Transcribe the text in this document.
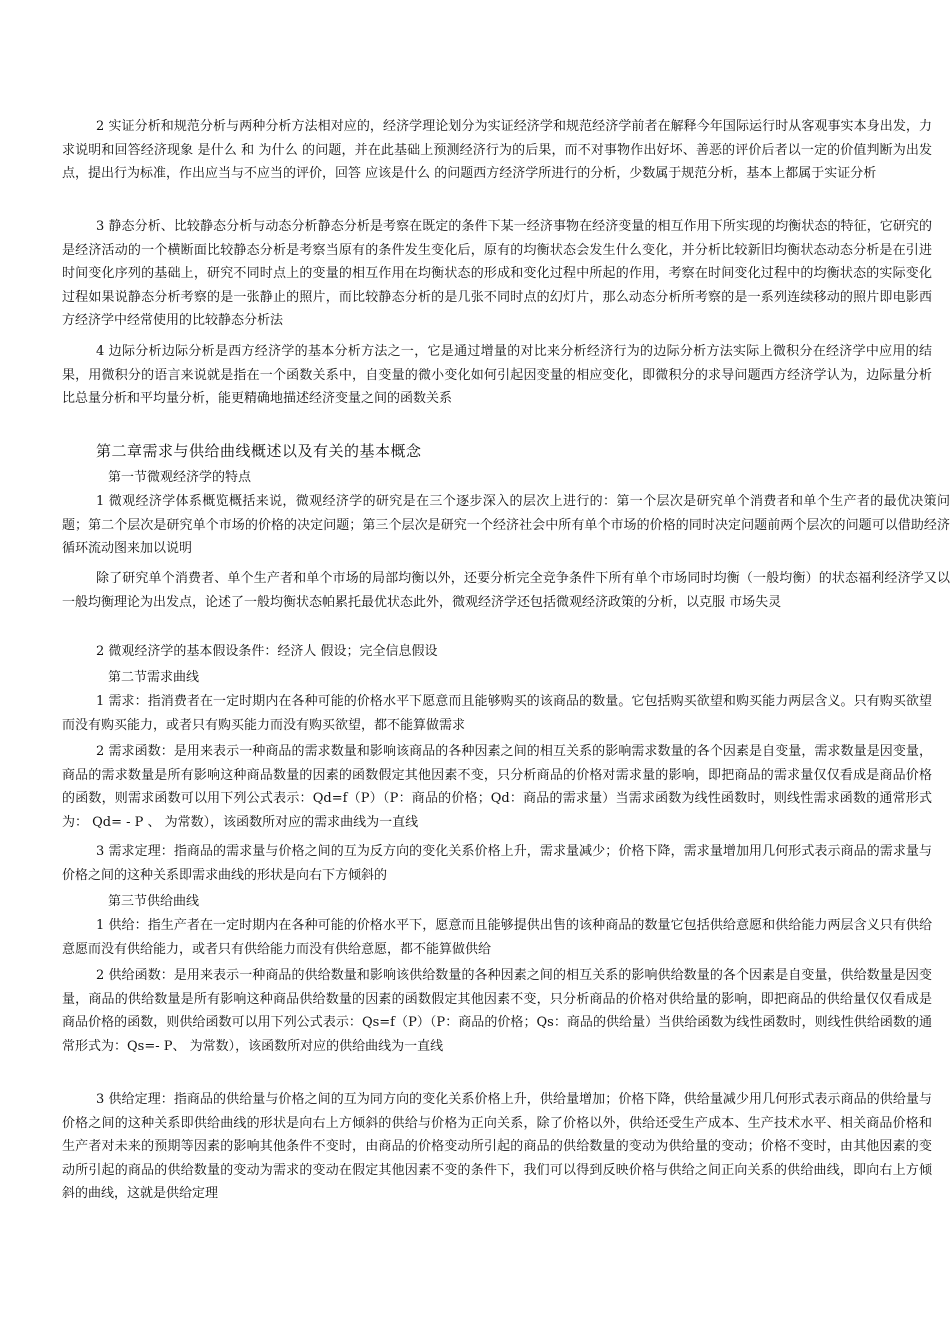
2 实证分析和规范分析与两种分析方法相对应的，经济学理论划分为实证经济学和规范经济学前者在解释今年国际运行时从客观事实本身出发，力求说明和回答经济现象 是什么 和 为什么 的问题，并在此基础上预测经济行为的后果，而不对事物作出好坏、善恶的评价后者以一定的价值判断为出发点，提出行为标准，作出应当与不应当的评价，回答 应该是什么 的问题西方经济学所进行的分析，少数属于规范分析，基本上都属于实证分析

3 静态分析、比较静态分析与动态分析静态分析是考察在既定的条件下某一经济事物在经济变量的相互作用下所实现的均衡状态的特征，它研究的是经济活动的一个横断面比较静态分析是考察当原有的条件发生变化后，原有的均衡状态会发生什么变化，并分析比较新旧均衡状态动态分析是在引进时间变化序列的基础上，研究不同时点上的变量的相互作用在均衡状态的形成和变化过程中所起的作用，考察在时间变化过程中的均衡状态的实际变化过程如果说静态分析考察的是一张静止的照片，而比较静态分析的是几张不同时点的幻灯片，那么动态分析所考察的是一系列连续移动的照片即电影西方经济学中经常使用的比较静态分析法

4 边际分析边际分析是西方经济学的基本分析方法之一，它是通过增量的对比来分析经济行为的边际分析方法实际上微积分在经济学中应用的结果，用微积分的语言来说就是指在一个函数关系中，自变量的微小变化如何引起因变量的相应变化，即微积分的求导问题西方经济学认为，边际量分析比总量分析和平均量分析，能更精确地描述经济变量之间的函数关系

第二章需求与供给曲线概述以及有关的基本概念

第一节微观经济学的特点

1 微观经济学体系概览概括来说，微观经济学的研究是在三个逐步深入的层次上进行的：第一个层次是研究单个消费者和单个生产者的最优决策问题；第二个层次是研究单个市场的价格的决定问题；第三个层次是研究一个经济社会中所有单个市场的价格的同时决定问题前两个层次的问题可以借助经济循环流动图来加以说明

除了研究单个消费者、单个生产者和单个市场的局部均衡以外，还要分析完全竞争条件下所有单个市场同时均衡（一般均衡）的状态福利经济学又以一般均衡理论为出发点，论述了一般均衡状态帕累托最优状态此外，微观经济学还包括微观经济政策的分析，以克服 市场失灵

2 微观经济学的基本假设条件：经济人 假设；完全信息假设

第二节需求曲线

1 需求：指消费者在一定时期内在各种可能的价格水平下愿意而且能够购买的该商品的数量。它包括购买欲望和购买能力两层含义。只有购买欲望而没有购买能力，或者只有购买能力而没有购买欲望，都不能算做需求

2 需求函数：是用来表示一种商品的需求数量和影响该商品的各种因素之间的相互关系的影响需求数量的各个因素是自变量，需求数量是因变量，商品的需求数量是所有影响这种商品数量的因素的函数假定其他因素不变，只分析商品的价格对需求量的影响，即把商品的需求量仅仅看成是商品价格的函数，则需求函数可以用下列公式表示：Qd=f（P）（P：商品的价格；Qd：商品的需求量）当需求函数为线性函数时，则线性需求函数的通常形式为： Qd= - P 、 为常数），该函数所对应的需求曲线为一直线

3 需求定理：指商品的需求量与价格之间的互为反方向的变化关系价格上升，需求量减少；价格下降，需求量增加用几何形式表示商品的需求量与价格之间的这种关系即需求曲线的形状是向右下方倾斜的

第三节供给曲线

1 供给：指生产者在一定时期内在各种可能的价格水平下，愿意而且能够提供出售的该种商品的数量它包括供给意愿和供给能力两层含义只有供给意愿而没有供给能力，或者只有供给能力而没有供给意愿，都不能算做供给

2 供给函数：是用来表示一种商品的供给数量和影响该供给数量的各种因素之间的相互关系的影响供给数量的各个因素是自变量，供给数量是因变量，商品的供给数量是所有影响这种商品供给数量的因素的函数假定其他因素不变，只分析商品的价格对供给量的影响，即把商品的供给量仅仅看成是商品价格的函数，则供给函数可以用下列公式表示：Qs=f（P）（P：商品的价格；Qs：商品的供给量）当供给函数为线性函数时，则线性供给函数的通常形式为：Qs=- P、 为常数），该函数所对应的供给曲线为一直线

3 供给定理：指商品的供给量与价格之间的互为同方向的变化关系价格上升，供给量增加；价格下降，供给量减少用几何形式表示商品的供给量与价格之间的这种关系即供给曲线的形状是向右上方倾斜的供给与价格为正向关系，除了价格以外，供给还受生产成本、生产技术水平、相关商品价格和生产者对未来的预期等因素的影响其他条件不变时，由商品的价格变动所引起的商品的供给数量的变动为供给量的变动；价格不变时，由其他因素的变动所引起的商品的供给数量的变动为需求的变动在假定其他因素不变的条件下，我们可以得到反映价格与供给之间正向关系的供给曲线，即向右上方倾斜的曲线，这就是供给定理
